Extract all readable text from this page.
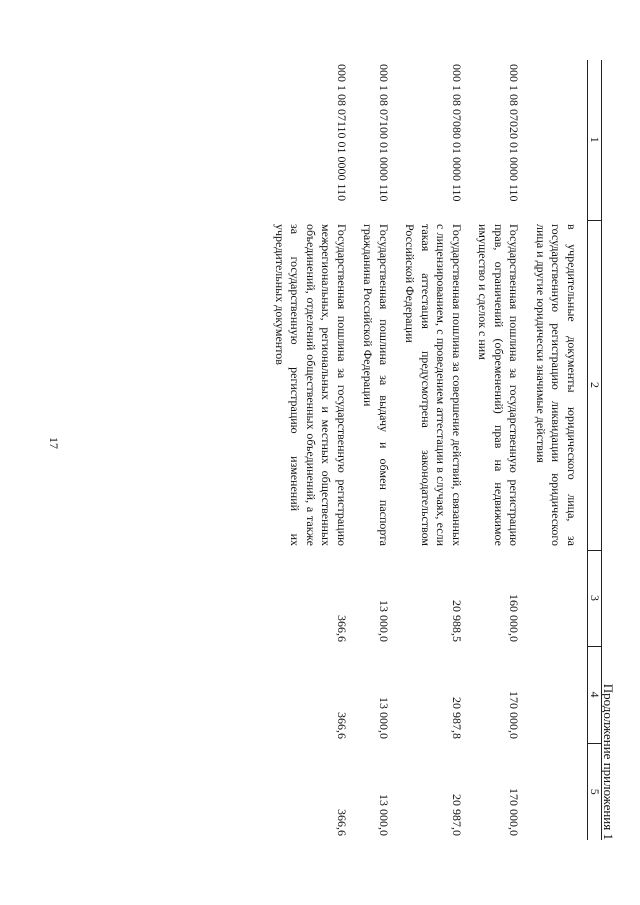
17
Продолжение приложения 1
1	2	3	4	5
	в учредительные документы юридического лица, за государственную регистрацию ликвидации юридического лица и другие юридически значимые действия			
000 1 08 07020 01 0000 110	Государственная пошлина за государственную регистрацию прав, ограничений (обременений) прав на недвижимое имущество и сделок с ним	160 000,0	170 000,0	170 000,0
000 1 08 07080 01 0000 110	Государственная пошлина за совершение действий, связанных с лицензированием, с проведением аттестации в случаях, если такая аттестация предусмотрена законодательством Российской Федерации	20 988,5	20 987,8	20 987,0
000 1 08 07100 01 0000 110	Государственная пошлина за выдачу и обмен паспорта гражданина Российской Федерации	13 000,0	13 000,0	13 000,0
000 1 08 07110 01 0000 110	Государственная пошлина за государственную регистрацию межрегиональных, региональных и местных общественных объединений, отделений общественных объединений, а также за государственную регистрацию изменений их учредительных документов	366,6	366,6	366,6
